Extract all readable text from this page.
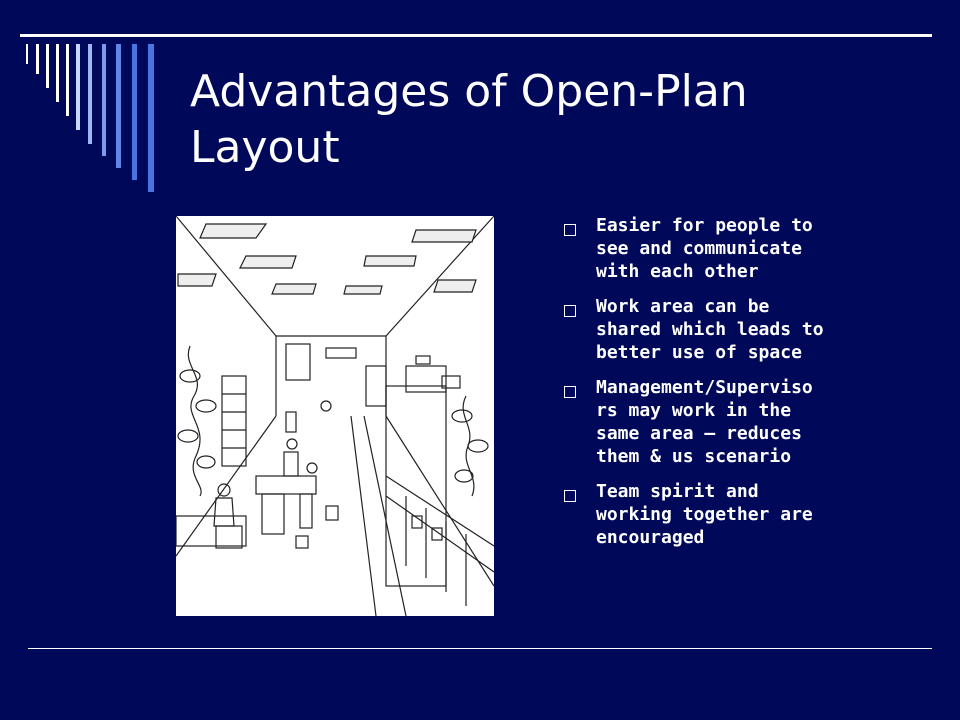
Advantages of Open-Plan
Layout
Easier for people to
see and communicate
with each other
Work area can be
shared which leads to
better use of space
Management/Superviso
rs may work in the
same area – reduces
them & us scenario
Team spirit and
working together are
encouraged
